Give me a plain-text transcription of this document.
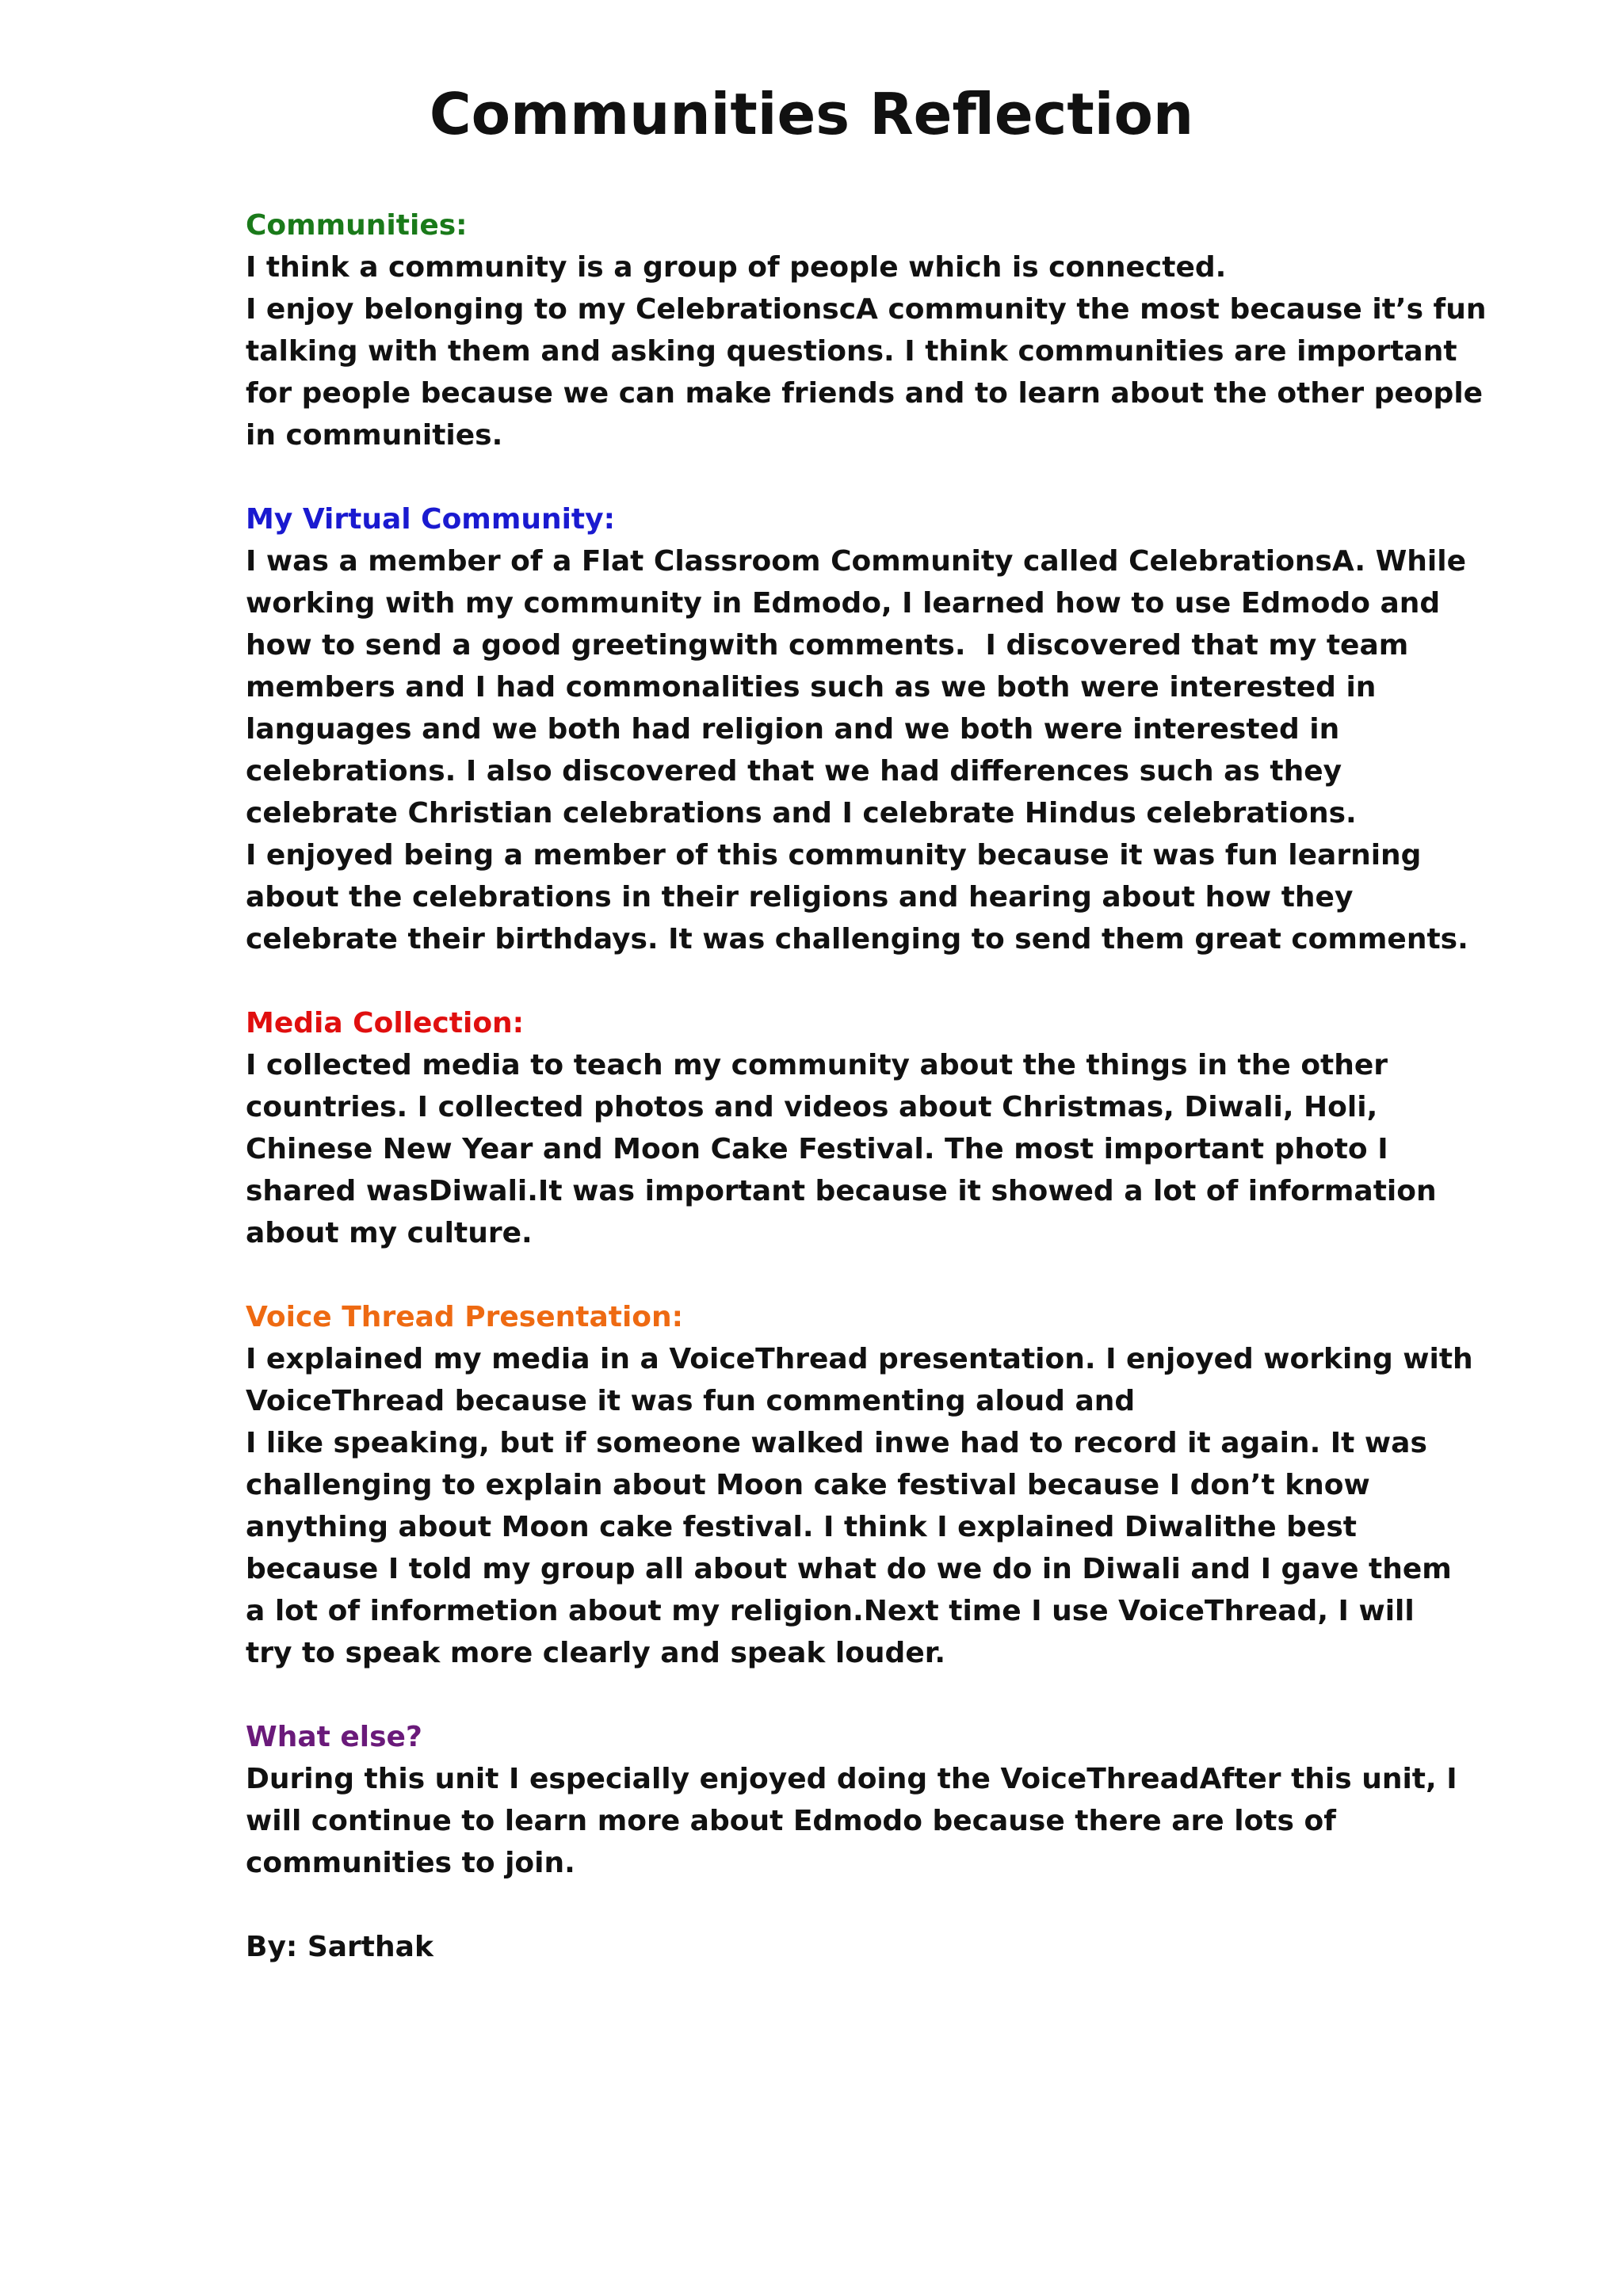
Communities Reflection

Communities:

I think a community is a group of people which is connected.
I enjoy belonging to my CelebrationscA community the most because it’s fun
talking with them and asking questions. I think communities are important
for people because we can make friends and to learn about the other people
in communities.

My Virtual Community:

I was a member of a Flat Classroom Community called CelebrationsA. While
working with my community in Edmodo, I learned how to use Edmodo and
how to send a good greetingwith comments.  I discovered that my team
members and I had commonalities such as we both were interested in
languages and we both had religion and we both were interested in
celebrations. I also discovered that we had differences such as they
celebrate Christian celebrations and I celebrate Hindus celebrations.
I enjoyed being a member of this community because it was fun learning
about the celebrations in their religions and hearing about how they
celebrate their birthdays. It was challenging to send them great comments.

Media Collection:

I collected media to teach my community about the things in the other
countries. I collected photos and videos about Christmas, Diwali, Holi,
Chinese New Year and Moon Cake Festival. The most important photo I
shared wasDiwali.It was important because it showed a lot of information
about my culture.

Voice Thread Presentation:

I explained my media in a VoiceThread presentation. I enjoyed working with
VoiceThread because it was fun commenting aloud and
I like speaking, but if someone walked inwe had to record it again. It was
challenging to explain about Moon cake festival because I don’t know
anything about Moon cake festival. I think I explained Diwalithe best
because I told my group all about what do we do in Diwali and I gave them
a lot of informetion about my religion.Next time I use VoiceThread, I will
try to speak more clearly and speak louder.

What else?

During this unit I especially enjoyed doing the VoiceThreadAfter this unit, I
will continue to learn more about Edmodo because there are lots of
communities to join.

By: Sarthak
